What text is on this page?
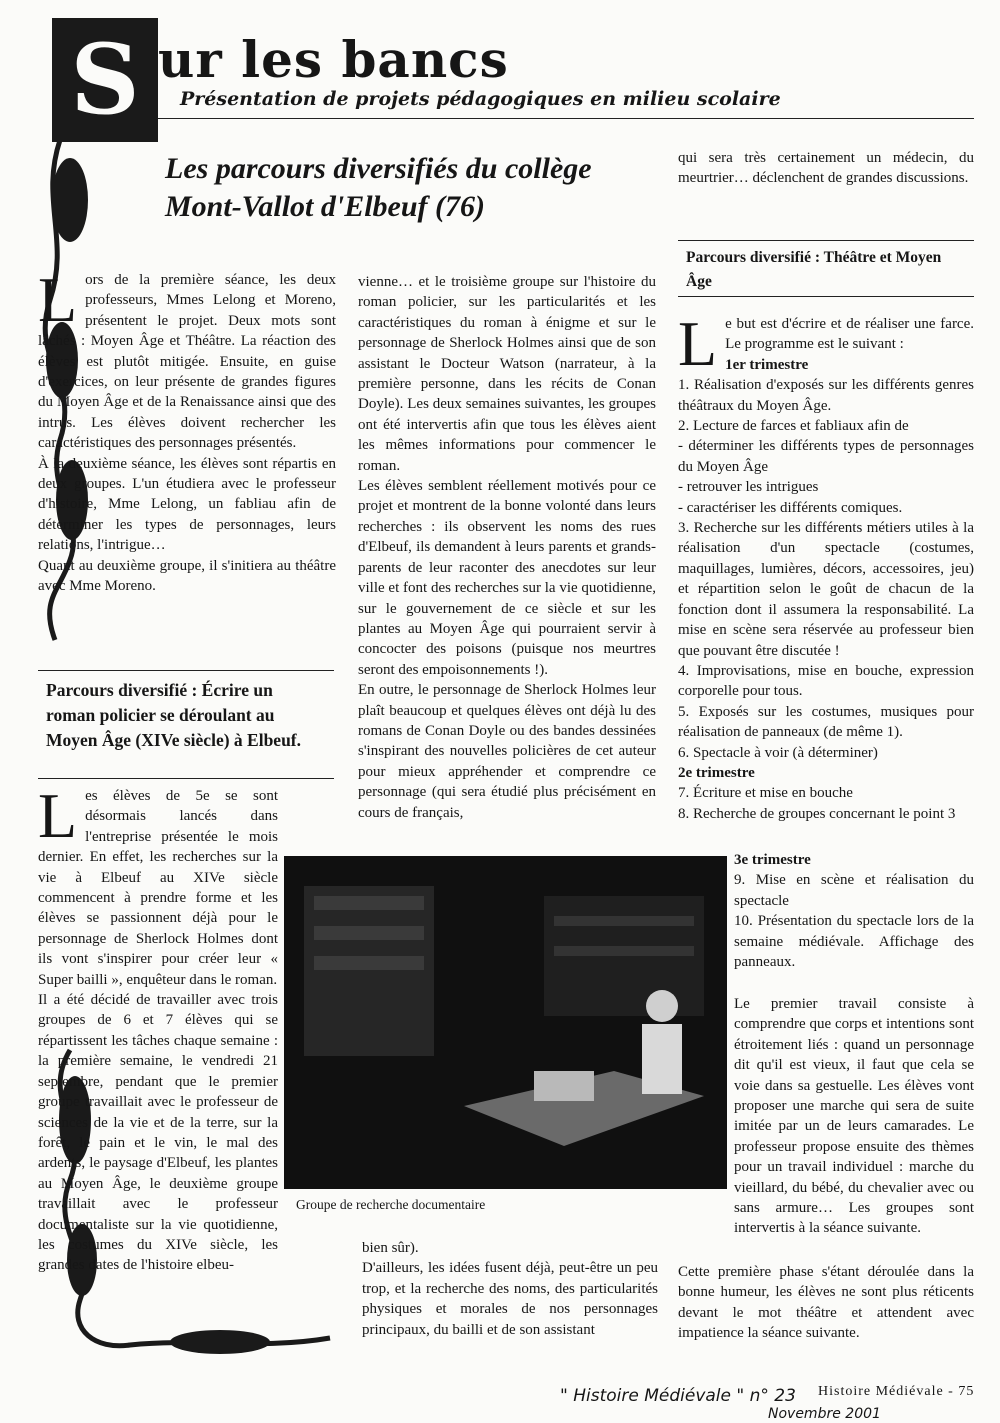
S ur les bancs
Présentation de projets pédagogiques en milieu scolaire
Les parcours diversifiés du collège Mont-Vallot d'Elbeuf (76)

Lors de la première séance, les deux professeurs, Mmes Lelong et Moreno, présentent le projet. Deux mots sont lâchés : Moyen Âge et Théâtre. La réaction des élèves est plutôt mitigée. Ensuite, en guise d'exercices, on leur présente de grandes figures du Moyen Âge et de la Renaissance ainsi que des intrus. Les élèves doivent rechercher les caractéristiques des personnages présentés.

À la deuxième séance, les élèves sont répartis en deux groupes. L'un étudiera avec le professeur d'histoire, Mme Lelong, un fabliau afin de déterminer les types de personnages, leurs relations, l'intrigue…

Quant au deuxième groupe, il s'initiera au théâtre avec Mme Moreno.

Parcours diversifié : Écrire un roman policier se déroulant au Moyen Âge (XIVe siècle) à Elbeuf.

Les élèves de 5e se sont désormais lancés dans l'entreprise présentée le mois dernier. En effet, les recherches sur la vie à Elbeuf au XIVe siècle commencent à prendre forme et les élèves se passionnent déjà pour le personnage de Sherlock Holmes dont ils vont s'inspirer pour créer leur « Super bailli », enquêteur dans le roman.

Il a été décidé de travailler avec trois groupes de 6 et 7 élèves qui se répartissent les tâches chaque semaine : la première semaine, le vendredi 21 septembre, pendant que le premier groupe travaillait avec le professeur de sciences de la vie et de la terre, sur la forêt, le pain et le vin, le mal des ardents, le paysage d'Elbeuf, les plantes au Moyen Âge, le deuxième groupe travaillait avec le professeur documentaliste sur la vie quotidienne, les costumes du XIVe siècle, les grandes dates de l'histoire elbeu-

vienne… et le troisième groupe sur l'histoire du roman policier, sur les particularités et les caractéristiques du roman à énigme et sur le personnage de Sherlock Holmes ainsi que de son assistant le Docteur Watson (narrateur, à la première personne, dans les récits de Conan Doyle). Les deux semaines suivantes, les groupes ont été intervertis afin que tous les élèves aient les mêmes informations pour commencer le roman.

Les élèves semblent réellement motivés pour ce projet et montrent de la bonne volonté dans leurs recherches : ils observent les noms des rues d'Elbeuf, ils demandent à leurs parents et grands-parents de leur raconter des anecdotes sur leur ville et font des recherches sur la vie quotidienne, sur le gouvernement de ce siècle et sur les plantes au Moyen Âge qui pourraient servir à concocter des poisons (puisque nos meurtres seront des empoisonnements !).

En outre, le personnage de Sherlock Holmes leur plaît beaucoup et quelques élèves ont déjà lu des romans de Conan Doyle ou des bandes dessinées s'inspirant des nouvelles policières de cet auteur pour mieux appréhender et comprendre ce personnage (qui sera étudié plus précisément en cours de français,

Groupe de recherche documentaire

bien sûr).

D'ailleurs, les idées fusent déjà, peut-être un peu trop, et la recherche des noms, des particularités physiques et morales de nos personnages principaux, du bailli et de son assistant

qui sera très certainement un médecin, du meurtrier… déclenchent de grandes discussions.
Parcours diversifié : Théâtre et Moyen Âge

Le but est d'écrire et de réaliser une farce. Le programme est le suivant :

1er trimestre

1. Réalisation d'exposés sur les différents genres théâtraux du Moyen Âge.

2. Lecture de farces et fabliaux afin de

- déterminer les différents types de personnages du Moyen Âge

- retrouver les intrigues

- caractériser les différents comiques.

3. Recherche sur les différents métiers utiles à la réalisation d'un spectacle (costumes, maquillages, lumières, décors, accessoires, jeu) et répartition selon le goût de chacun de la fonction dont il assumera la responsabilité. La mise en scène sera réservée au professeur bien que pouvant être discutée !

4. Improvisations, mise en bouche, expression corporelle pour tous.

5. Exposés sur les costumes, musiques pour réalisation de panneaux (de même 1).

6. Spectacle à voir (à déterminer)

2e trimestre

7. Écriture et mise en bouche

8. Recherche de groupes concernant le point 3

3e trimestre

9. Mise en scène et réalisation du spectacle

10. Présentation du spectacle lors de la semaine médiévale. Affichage des panneaux.

Le premier travail consiste à comprendre que corps et intentions sont étroitement liés : quand un personnage dit qu'il est vieux, il faut que cela se voie dans sa gestuelle. Les élèves vont proposer une marche qui sera de suite imitée par un de leurs camarades. Le professeur propose ensuite des thèmes pour un travail individuel : marche du vieillard, du bébé, du chevalier avec ou sans armure… Les groupes sont intervertis à la séance suivante.

Cette première phase s'étant déroulée dans la bonne humeur, les élèves ne sont plus réticents devant le mot théâtre et attendent avec impatience la séance suivante.

" Histoire Médiévale " n° 23
Novembre 2001
Histoire Médiévale - 75
